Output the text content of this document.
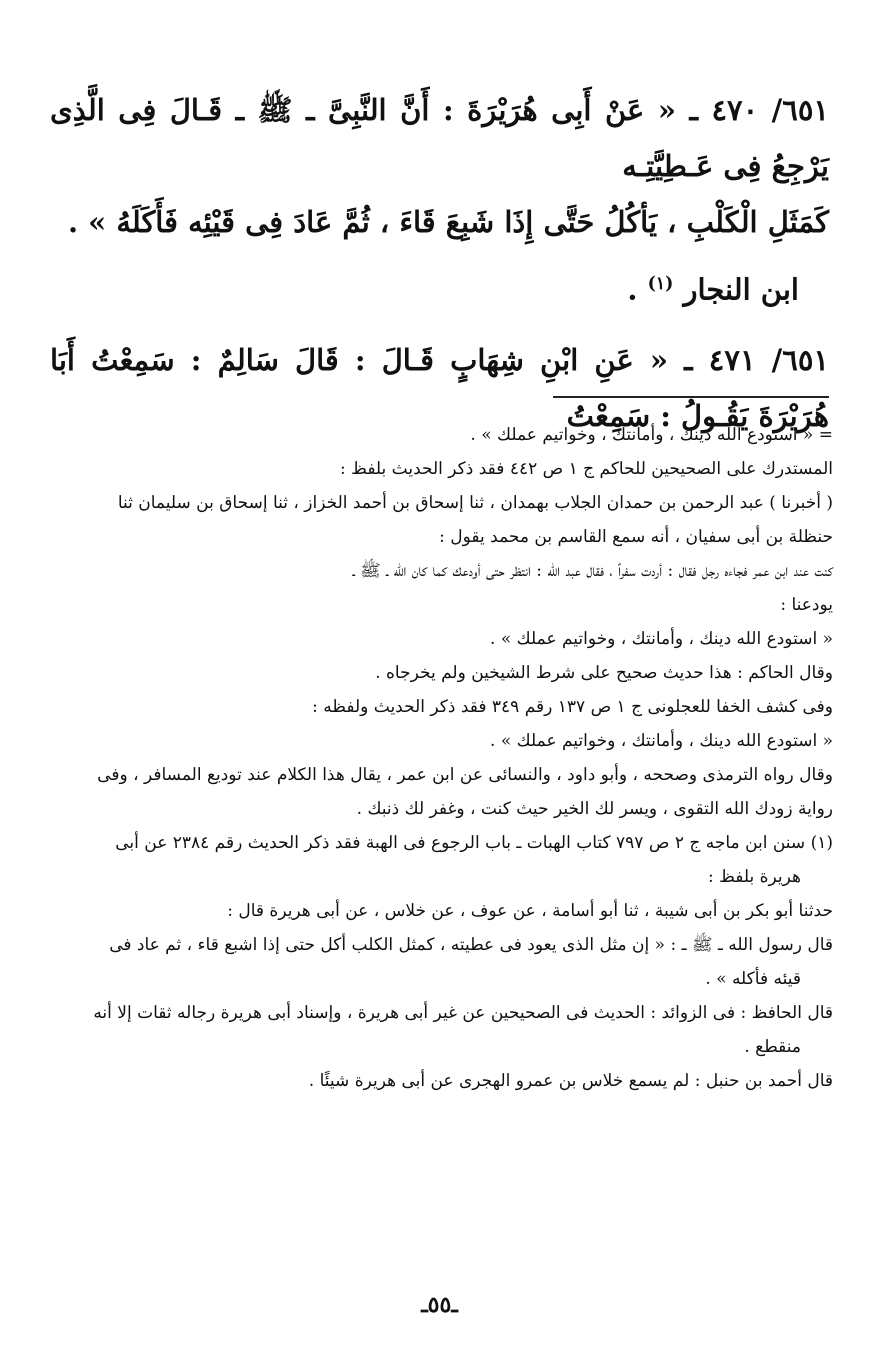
٦٥١/ ٤٧٠ ـ « عَنْ أَبِى هُرَيْرَةَ : أَنَّ النَّبِىَّ ـ ﷺ ـ قَـالَ فِى الَّذِى يَرْجِعُ فِى عَـطِيَّتِـه

كَمَثَلِ الْكَلْبِ ، يَأكُلُ حَتَّى إِذَا شَبِعَ قَاءَ ، ثُمَّ عَادَ فِى قَيْئِه فَأَكَلَهُ » .

ابن النجار $^{(١)}$ .

٦٥١/ ٤٧١ ـ « عَنِ ابْنِ شِهَابٍ قَـالَ : قَالَ سَالِمٌ : سَمِعْتُ أَبَا هُرَيْرَةَ يَقُـولُ : سَمِعْتُ

= « استودع الله دينك ، وأمانتك ، وخواتيم عملك » .

المستدرك على الصحيحين للحاكم ج ١ ص ٤٤٢ فقد ذكر الحديث بلفظ :

( أخبرنا ) عبد الرحمن بن حمدان الجلاب بهمدان ، ثنا إسحاق بن أحمد الخزاز ، ثنا إسحاق بن سليمان ثنا

حنظلة بن أبى سفيان ، أنه سمع القاسم بن محمد يقول :

كنت عند ابن عمر فجاءه رجل فقال : أردت سفراً ، فقال عبد الله : انتظر حتى أودعك كما كان الله ـ ﷺ ـ

يودعنا :

« استودع الله دينك ، وأمانتك ، وخواتيم عملك » .

وقال الحاكم : هذا حديث صحيح على شرط الشيخين ولم يخرجاه .

وفى كشف الخفا للعجلونى ج ١ ص ١٣٧ رقم ٣٤٩ فقد ذكر الحديث ولفظه :

« استودع الله دينك ، وأمانتك ، وخواتيم عملك » .

وقال رواه الترمذى وصححه ، وأبو داود ، والنسائى عن ابن عمر ، يقال هذا الكلام عند توديع المسافر ، وفى

رواية زودك الله التقوى ، ويسر لك الخير حيث كنت ، وغفر لك ذنبك .

(١) سنن ابن ماجه ج ٢ ص ٧٩٧ كتاب الهبات ـ باب الرجوع فى الهبة فقد ذكر الحديث رقم ٢٣٨٤ عن أبى

هريرة بلفظ :

حدثنا أبو بكر بن أبى شيبة ، ثنا أبو أسامة ، عن عوف ، عن خلاس ، عن أبى هريرة قال :

قال رسول الله ـ ﷺ ـ : « إن مثل الذى يعود فى عطيته ، كمثل الكلب أكل حتى إذا اشبع قاء ، ثم عاد فى

قيئه فأكله » .

قال الحافظ : فى الزوائد : الحديث فى الصحيحين عن غير أبى هريرة ، وإسناد أبى هريرة رجاله ثقات إلا أنه

منقطع .

قال أحمد بن حنبل : لم يسمع خلاس بن عمرو الهجرى عن أبى هريرة شيئًا .

ـ٥٥ـ
